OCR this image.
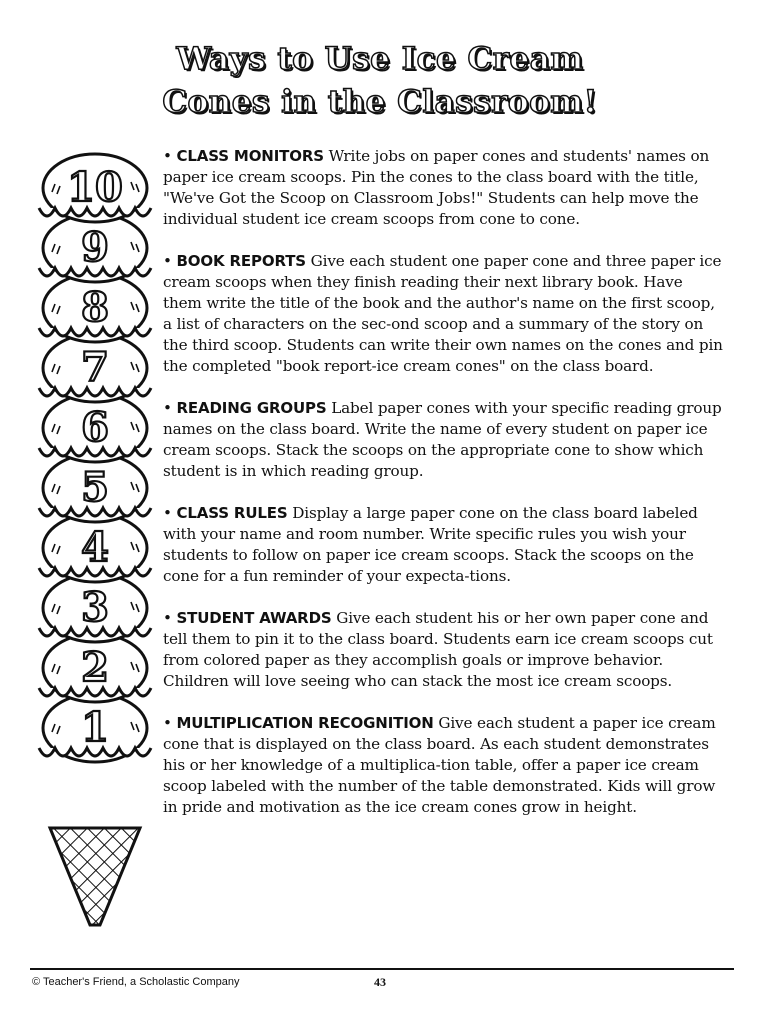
Ways to Use Ice Cream
Cones in the Classroom!
1
2
3
4
5
6
7
8
9
10
• CLASS MONITORS Write jobs on paper cones and students' names on paper ice cream scoops. Pin the cones to the class board with the title, "We've Got the Scoop on Classroom Jobs!" Students can help move the individual student ice cream scoops from cone to cone.
• BOOK REPORTS Give each student one paper cone and three paper ice cream scoops when they finish reading their next library book. Have them write the title of the book and the author's name on the first scoop, a list of characters on the sec-ond scoop and a summary of the story on the third scoop. Students can write their own names on the cones and pin the completed "book report-ice cream cones" on the class board.
• READING GROUPS Label paper cones with your specific reading group names on the class board. Write the name of every student on paper ice cream scoops. Stack the scoops on the appropriate cone to show which student is in which reading group.
• CLASS RULES Display a large paper cone on the class board labeled with your name and room number. Write specific rules you wish your students to follow on paper ice cream scoops. Stack the scoops on the cone for a fun reminder of your expecta-tions.
• STUDENT AWARDS Give each student his or her own paper cone and tell them to pin it to the class board. Students earn ice cream scoops cut from colored paper as they accomplish goals or improve behavior. Children will love seeing who can stack the most ice cream scoops.
• MULTIPLICATION RECOGNITION Give each student a paper ice cream cone that is displayed on the class board. As each student demonstrates his or her knowledge of a multiplica-tion table, offer a paper ice cream scoop labeled with the number of the table demonstrated. Kids will grow in pride and motivation as the ice cream cones grow in height.
© Teacher's Friend, a Scholastic Company	43
